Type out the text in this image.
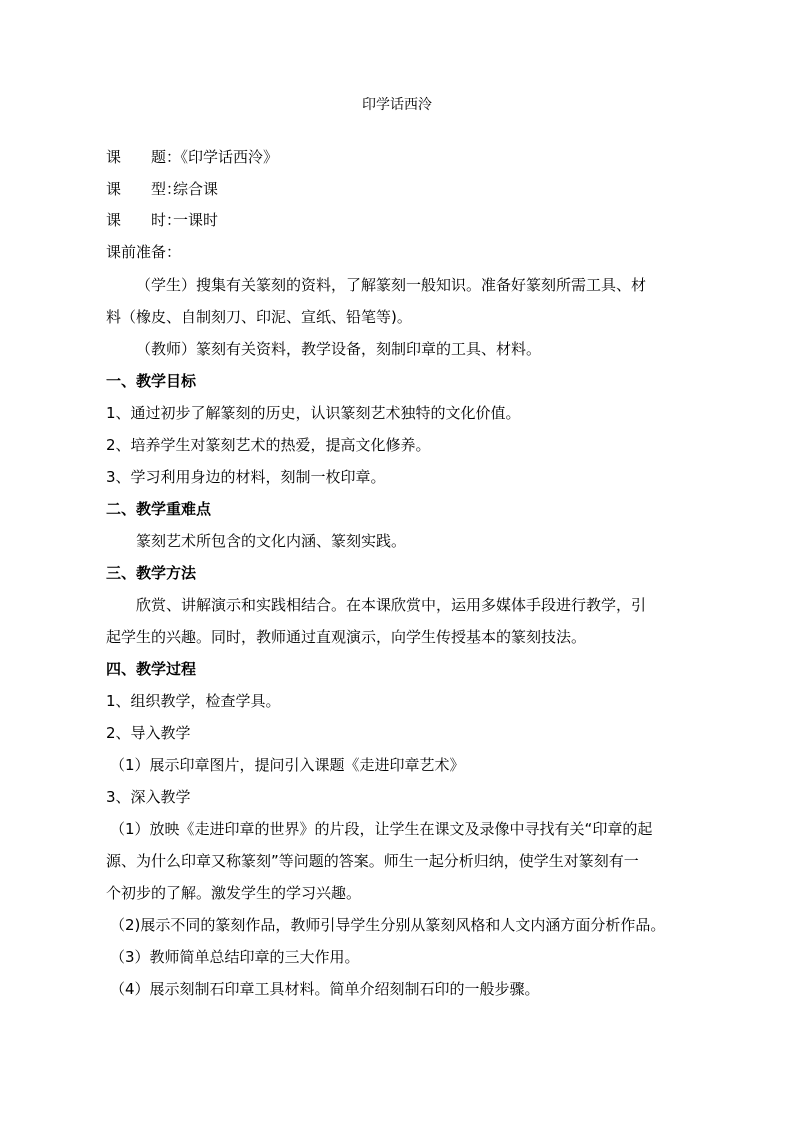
印学话西泠
课　　题：《印学话西泠》
课　　型：综合课
课　　时：一课时
课前准备：
（学生）搜集有关篆刻的资料，了解篆刻一般知识。准备好篆刻所需工具、材
料（橡皮、自制刻刀、印泥、宣纸、铅笔等)。
（教师）篆刻有关资料，教学设备，刻制印章的工具、材料。
一、教学目标
1、通过初步了解篆刻的历史，认识篆刻艺术独特的文化价值。
2、培养学生对篆刻艺术的热爱，提高文化修养。
3、学习利用身边的材料，刻制一枚印章。
二、教学重难点
篆刻艺术所包含的文化内涵、篆刻实践。
三、教学方法
欣赏、讲解演示和实践相结合。在本课欣赏中，运用多媒体手段进行教学，引
起学生的兴趣。同时，教师通过直观演示，向学生传授基本的篆刻技法。
四、教学过程
1、组织教学，检查学具。
2、导入教学
（1）展示印章图片，提问引入课题《走进印章艺术》
3、深入教学
（1）放映《走进印章的世界》的片段，让学生在课文及录像中寻找有关“印章的起
源、为什么印章又称篆刻”等问题的答案。师生一起分析归纳，使学生对篆刻有一
个初步的了解。激发学生的学习兴趣。
（2)展示不同的篆刻作品，教师引导学生分别从篆刻风格和人文内涵方面分析作品。
（3）教师简单总结印章的三大作用。
（4）展示刻制石印章工具材料。简单介绍刻制石印的一般步骤。
